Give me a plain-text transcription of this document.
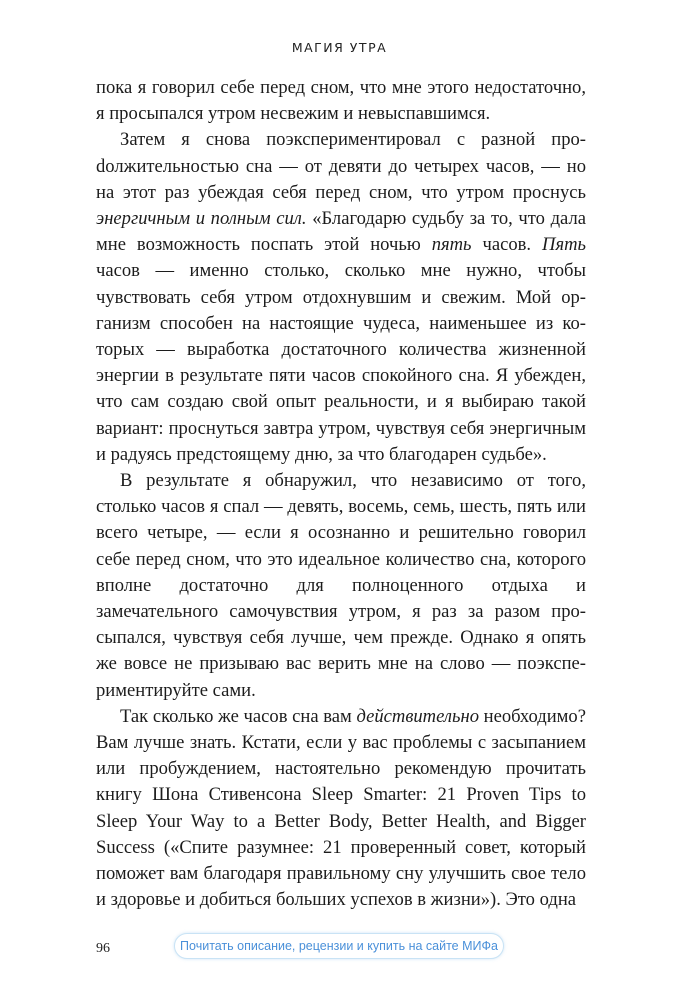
МАГИЯ УТРА

пока я говорил себе перед сном, что мне этого недостаточно, я просыпался утром несвежим и невыспавшимся.

Затем я снова поэкспериментировал с разной проdолжительностью сна — от девяти до четырех часов, — но на этот раз убеждая себя перед сном, что утром проснусь энергичным и полным сил. «Благодарю судьбу за то, что дала мне возможность поспать этой ночью пять часов. Пять часов — именно столько, сколько мне нужно, чтобы чувствовать себя утром отдохнувшим и свежим. Мой организм способен на настоящие чудеса, наименьшее из которых — выработка достаточного количества жизненной энергии в результате пяти часов спокойного сна. Я убежден, что сам создаю свой опыт реальности, и я выбираю такой вариант: проснуться завтра утром, чувствуя себя энергичным и радуясь предстоящему дню, за что благодарен судьбе».

В результате я обнаружил, что независимо от того, столько часов я спал — девять, восемь, семь, шесть, пять или всего четыре, — если я осознанно и решительно говорил себе перед сном, что это идеальное количество сна, которого вполне достаточно для полноценного отдыха и замечательного самочувствия утром, я раз за разом просыпался, чувствуя себя лучше, чем прежде. Однако я опять же вовсе не призываю вас верить мне на слово — поэкспериментируйте сами.

Так сколько же часов сна вам действительно необходимо? Вам лучше знать. Кстати, если у вас проблемы с засыпанием или пробуждением, настоятельно рекомендую прочитать книгу Шона Стивенсона Sleep Smarter: 21 Proven Tips to Sleep Your Way to a Better Body, Better Health, and Bigger Success («Спите разумнее: 21 проверенный совет, который поможет вам благодаря правильному сну улучшить свое тело и здоровье и добиться больших успехов в жизни»). Это одна

96	Почитать описание, рецензии и купить на сайте МИФа
